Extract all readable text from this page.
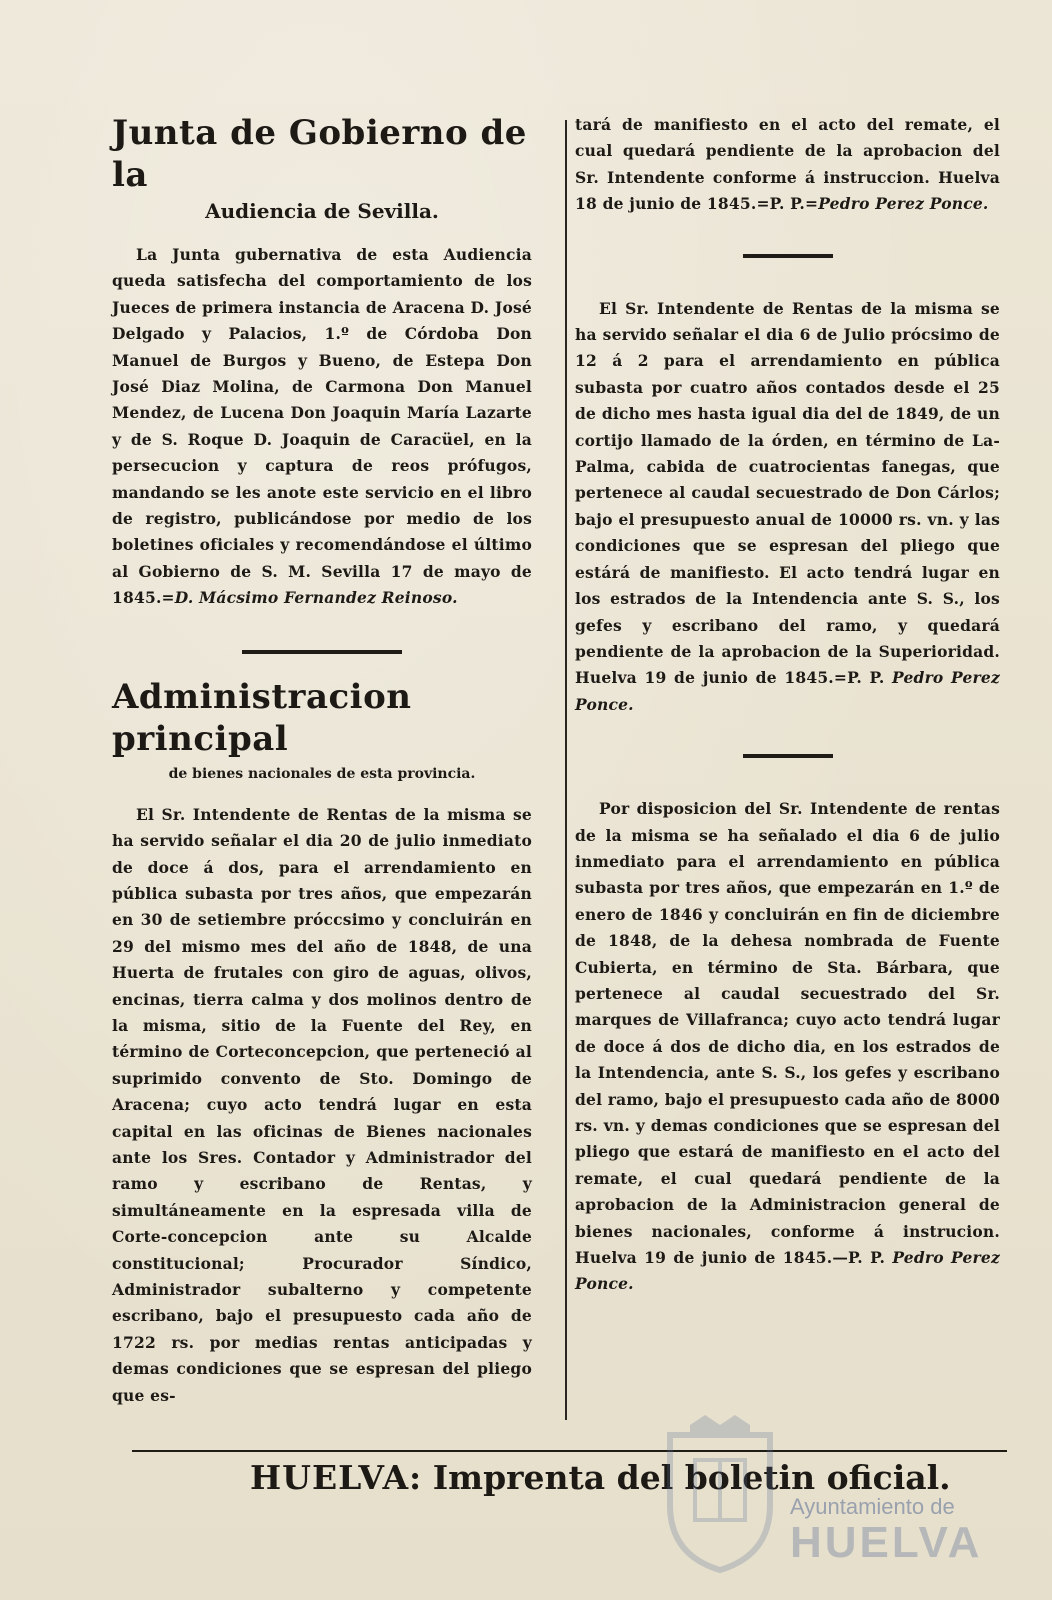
Junta de Gobierno de la
Audiencia de Sevilla.

La Junta gubernativa de esta Audiencia queda satisfecha del comportamiento de los Jueces de primera instancia de Aracena D. José Delgado y Palacios, 1.º de Córdoba Don Manuel de Burgos y Bueno, de Estepa Don José Diaz Molina, de Carmona Don Manuel Mendez, de Lucena Don Joaquin María Lazarte y de S. Roque D. Joaquin de Caracüel, en la persecucion y captura de reos prófugos, mandando se les anote este servicio en el libro de registro, publicándose por medio de los boletines oficiales y recomendándose el último al Gobierno de S. M. Sevilla 17 de mayo de 1845.=D. Mácsimo Fernandez Reinoso.

Administracion principal
de bienes nacionales de esta provincia.

El Sr. Intendente de Rentas de la misma se ha servido señalar el dia 20 de julio inmediato de doce á dos, para el arrendamiento en pública subasta por tres años, que empezarán en 30 de setiembre próccsimo y concluirán en 29 del mismo mes del año de 1848, de una Huerta de frutales con giro de aguas, olivos, encinas, tierra calma y dos molinos dentro de la misma, sitio de la Fuente del Rey, en término de Corteconcepcion, que perteneció al suprimido convento de Sto. Domingo de Aracena; cuyo acto tendrá lugar en esta capital en las oficinas de Bienes nacionales ante los Sres. Contador y Administrador del ramo y escribano de Rentas, y simultáneamente en la espresada villa de Corte-concepcion ante su Alcalde constitucional; Procurador Síndico, Administrador subalterno y competente escribano, bajo el presupuesto cada año de 1722 rs. por medias rentas anticipadas y demas condiciones que se espresan del pliego que es-

tará de manifiesto en el acto del remate, el cual quedará pendiente de la aprobacion del Sr. Intendente conforme á instruccion. Huelva 18 de junio de 1845.=P. P.=Pedro Perez Ponce.

El Sr. Intendente de Rentas de la misma se ha servido señalar el dia 6 de Julio prócsimo de 12 á 2 para el arrendamiento en pública subasta por cuatro años contados desde el 25 de dicho mes hasta igual dia del de 1849, de un cortijo llamado de la órden, en término de La-Palma, cabida de cuatrocientas fanegas, que pertenece al caudal secuestrado de Don Cárlos; bajo el presupuesto anual de 10000 rs. vn. y las condiciones que se espresan del pliego que estárá de manifiesto. El acto tendrá lugar en los estrados de la Intendencia ante S. S., los gefes y escribano del ramo, y quedará pendiente de la aprobacion de la Superioridad. Huelva 19 de junio de 1845.=P. P. Pedro Perez Ponce.

Por disposicion del Sr. Intendente de rentas de la misma se ha señalado el dia 6 de julio inmediato para el arrendamiento en pública subasta por tres años, que empezarán en 1.º de enero de 1846 y concluirán en fin de diciembre de 1848, de la dehesa nombrada de Fuente Cubierta, en término de Sta. Bárbara, que pertenece al caudal secuestrado del Sr. marques de Villafranca; cuyo acto tendrá lugar de doce á dos de dicho dia, en los estrados de la Intendencia, ante S. S., los gefes y escribano del ramo, bajo el presupuesto cada año de 8000 rs. vn. y demas condiciones que se espresan del pliego que estará de manifiesto en el acto del remate, el cual quedará pendiente de la aprobacion de la Administracion general de bienes nacionales, conforme á instrucion. Huelva 19 de junio de 1845.—P. P. Pedro Perez Ponce.

HUELVA: Imprenta del boletin oficial.
Ayuntamiento de
HUELVA
